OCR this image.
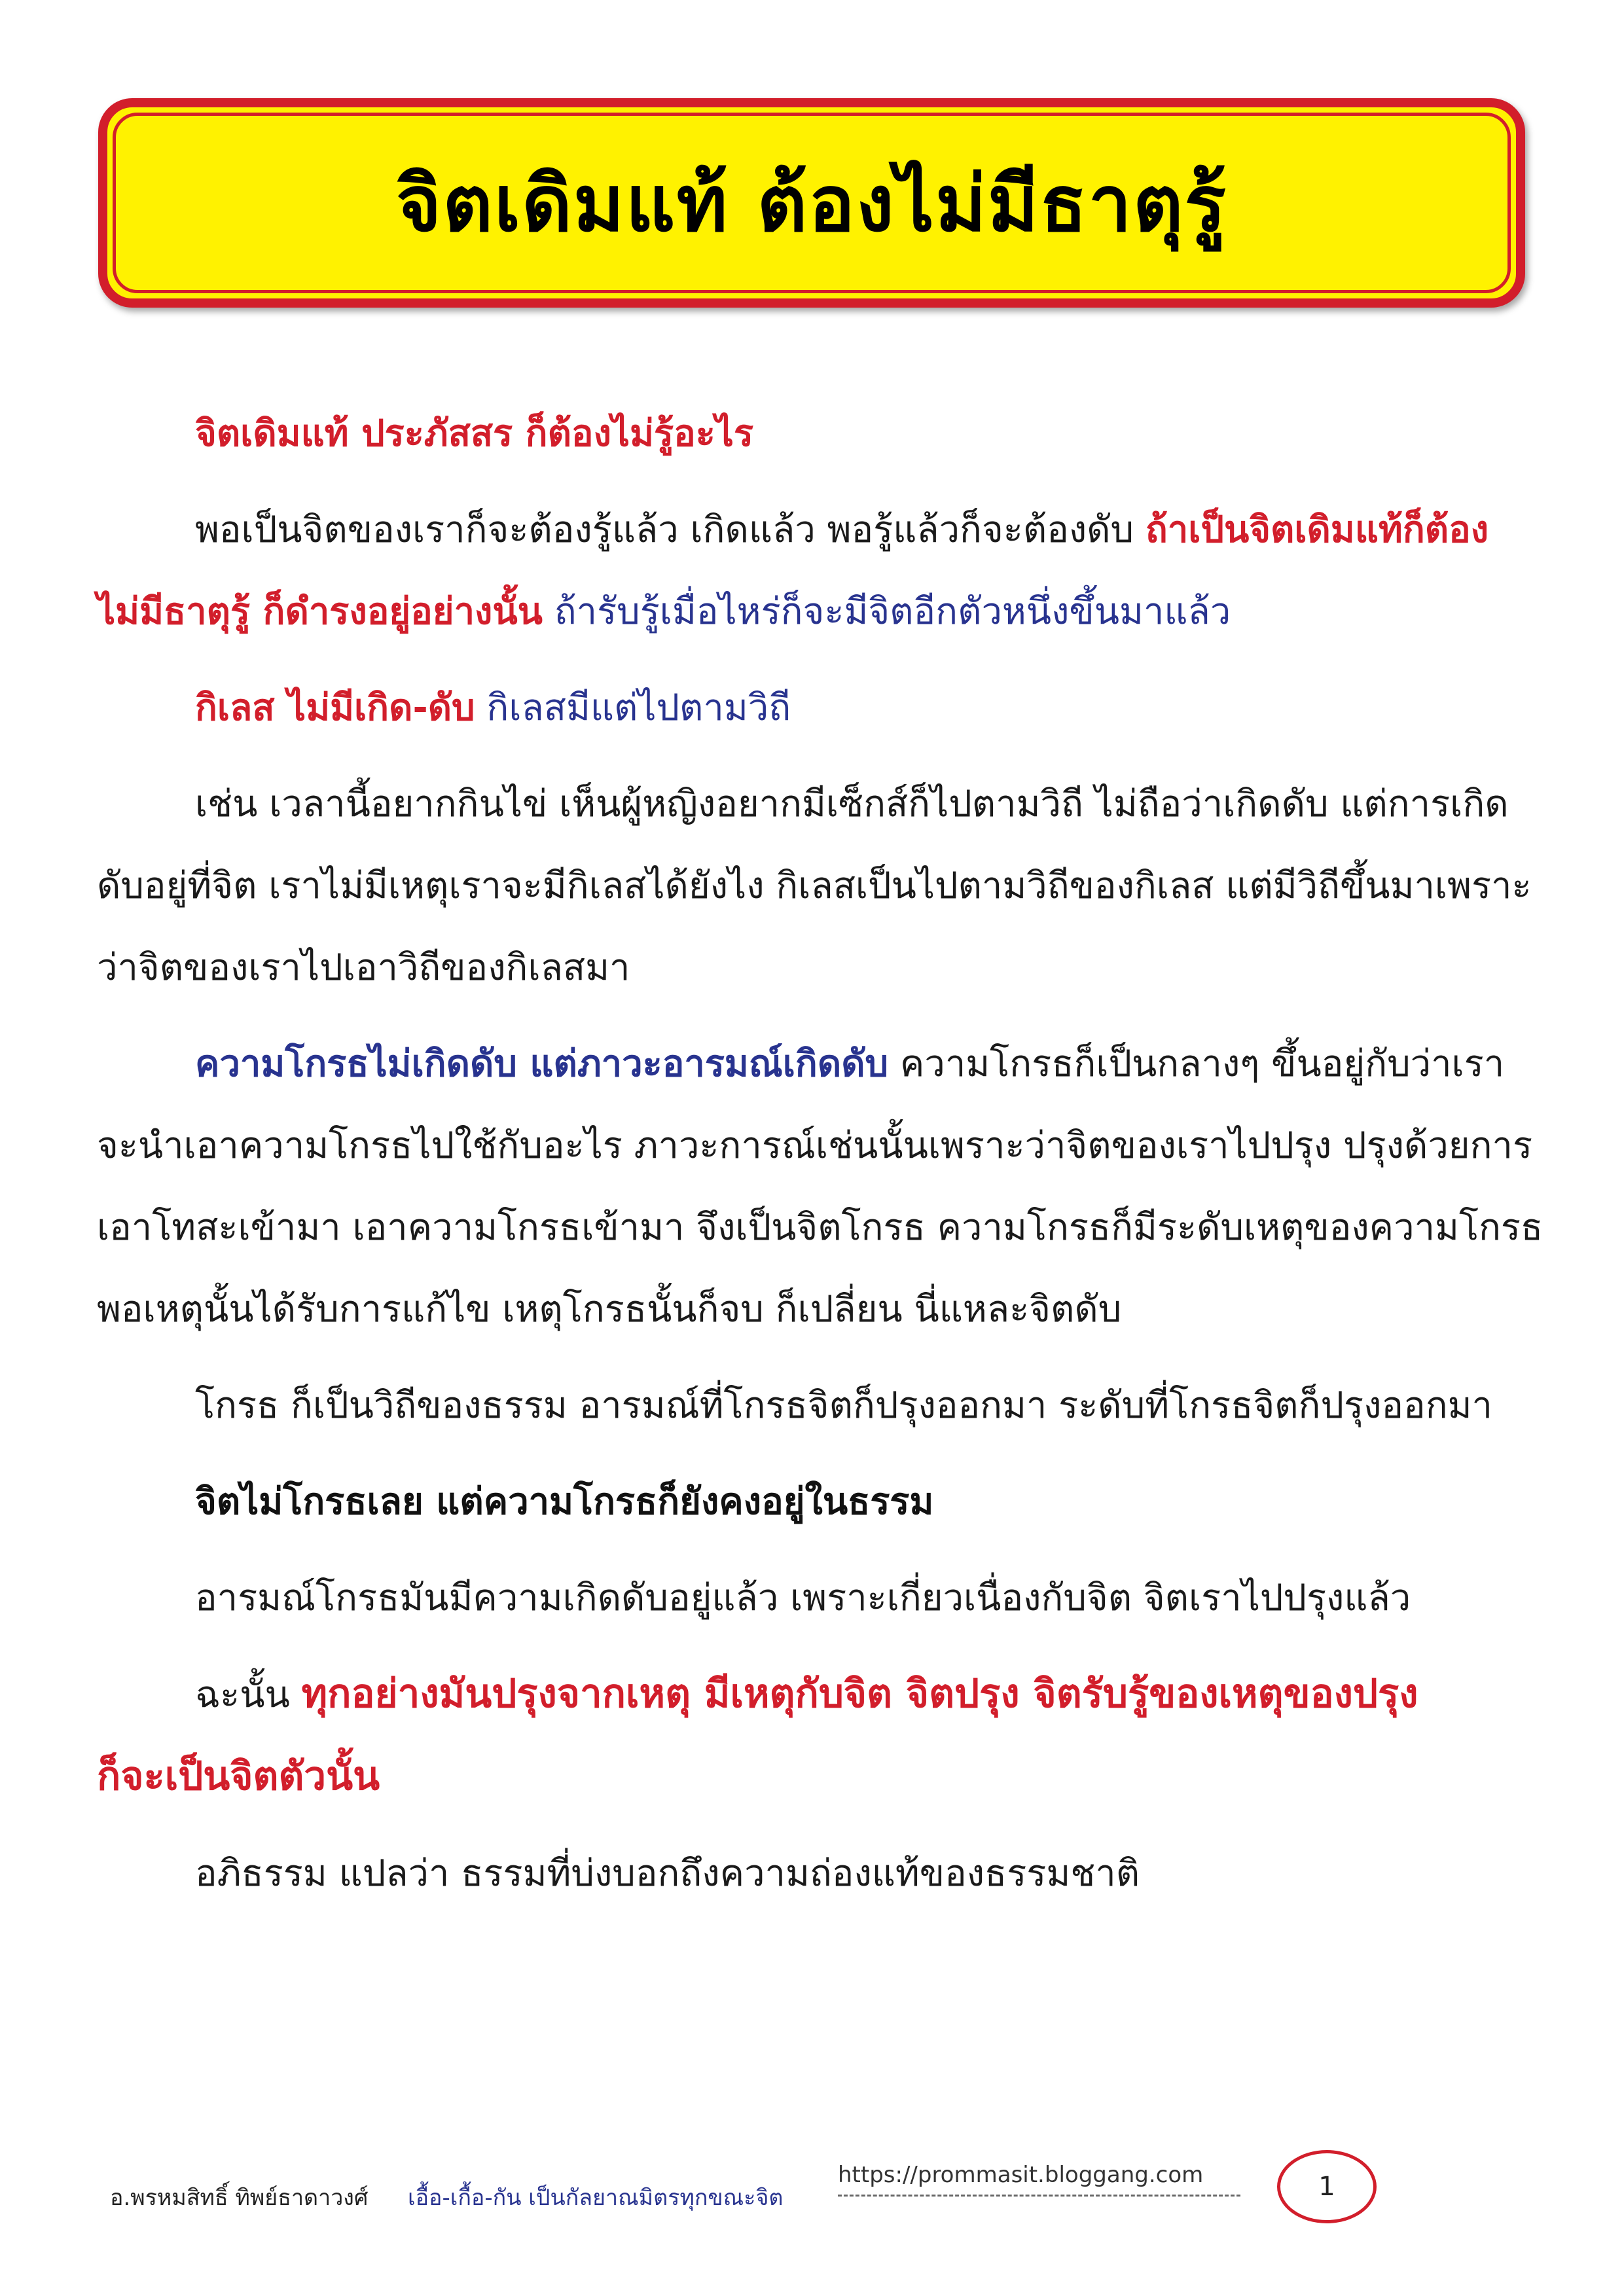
จิตเดิมแท้ ต้องไม่มีธาตุรู้

จิตเดิมแท้ ประภัสสร ก็ต้องไม่รู้อะไร

พอเป็นจิตของเราก็จะต้องรู้แล้ว เกิดแล้ว พอรู้แล้วก็จะต้องดับ ถ้าเป็นจิตเดิมแท้ก็ต้อง

ไม่มีธาตุรู้ ก็ดำรงอยู่อย่างนั้น ถ้ารับรู้เมื่อไหร่ก็จะมีจิตอีกตัวหนึ่งขึ้นมาแล้ว

กิเลส ไม่มีเกิด-ดับ กิเลสมีแต่ไปตามวิถี

เช่น เวลานี้อยากกินไข่ เห็นผู้หญิงอยากมีเซ็กส์ก็ไปตามวิถี ไม่ถือว่าเกิดดับ แต่การเกิด

ดับอยู่ที่จิต เราไม่มีเหตุเราจะมีกิเลสได้ยังไง กิเลสเป็นไปตามวิถีของกิเลส แต่มีวิถีขึ้นมาเพราะ

ว่าจิตของเราไปเอาวิถีของกิเลสมา

ความโกรธไม่เกิดดับ แต่ภาวะอารมณ์เกิดดับ ความโกรธก็เป็นกลางๆ ขึ้นอยู่กับว่าเรา

จะนำเอาความโกรธไปใช้กับอะไร ภาวะการณ์เช่นนั้นเพราะว่าจิตของเราไปปรุง ปรุงด้วยการ

เอาโทสะเข้ามา เอาความโกรธเข้ามา จึงเป็นจิตโกรธ ความโกรธก็มีระดับเหตุของความโกรธ

พอเหตุนั้นได้รับการแก้ไข เหตุโกรธนั้นก็จบ ก็เปลี่ยน นี่แหละจิตดับ

โกรธ ก็เป็นวิถีของธรรม อารมณ์ที่โกรธจิตก็ปรุงออกมา ระดับที่โกรธจิตก็ปรุงออกมา

จิตไม่โกรธเลย แต่ความโกรธก็ยังคงอยู่ในธรรม

อารมณ์โกรธมันมีความเกิดดับอยู่แล้ว เพราะเกี่ยวเนื่องกับจิต จิตเราไปปรุงแล้ว

ฉะนั้น ทุกอย่างมันปรุงจากเหตุ มีเหตุกับจิต จิตปรุง จิตรับรู้ของเหตุของปรุง

ก็จะเป็นจิตตัวนั้น

อภิธรรม แปลว่า ธรรมที่บ่งบอกถึงความถ่องแท้ของธรรมชาติ

อ.พรหมสิทธิ์ ทิพย์ธาดาวงศ์ เอื้อ-เกื้อ-กัน เป็นกัลยาณมิตรทุกขณะจิต
https://prommasit.bloggang.com	1
